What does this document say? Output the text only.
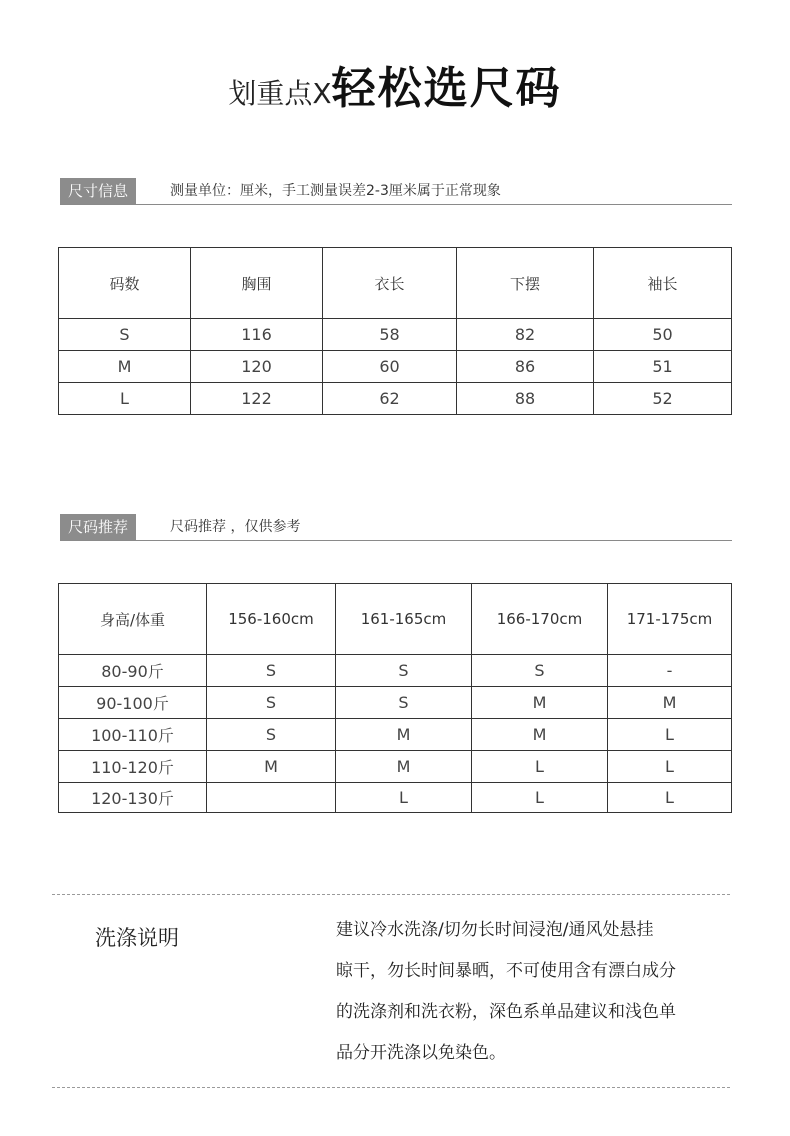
划重点X轻松选尺码
尺寸信息	测量单位：厘米，手工测量误差2-3厘米属于正常现象
码数	胸围	衣长	下摆	袖长
S	116	58	82	50
M	120	60	86	51
L	122	62	88	52
尺码推荐	尺码推荐 ，仅供参考
身高/体重	156-160cm	161-165cm	166-170cm	171-175cm
80-90斤	S	S	S	-
90-100斤	S	S	M	M
100-110斤	S	M	M	L
110-120斤	M	M	L	L
120-130斤		L	L	L
洗涤说明	建议冷水洗涤/切勿长时间浸泡/通风处悬挂
晾干，勿长时间暴晒，不可使用含有漂白成分
的洗涤剂和洗衣粉，深色系单品建议和浅色单
品分开洗涤以免染色。
